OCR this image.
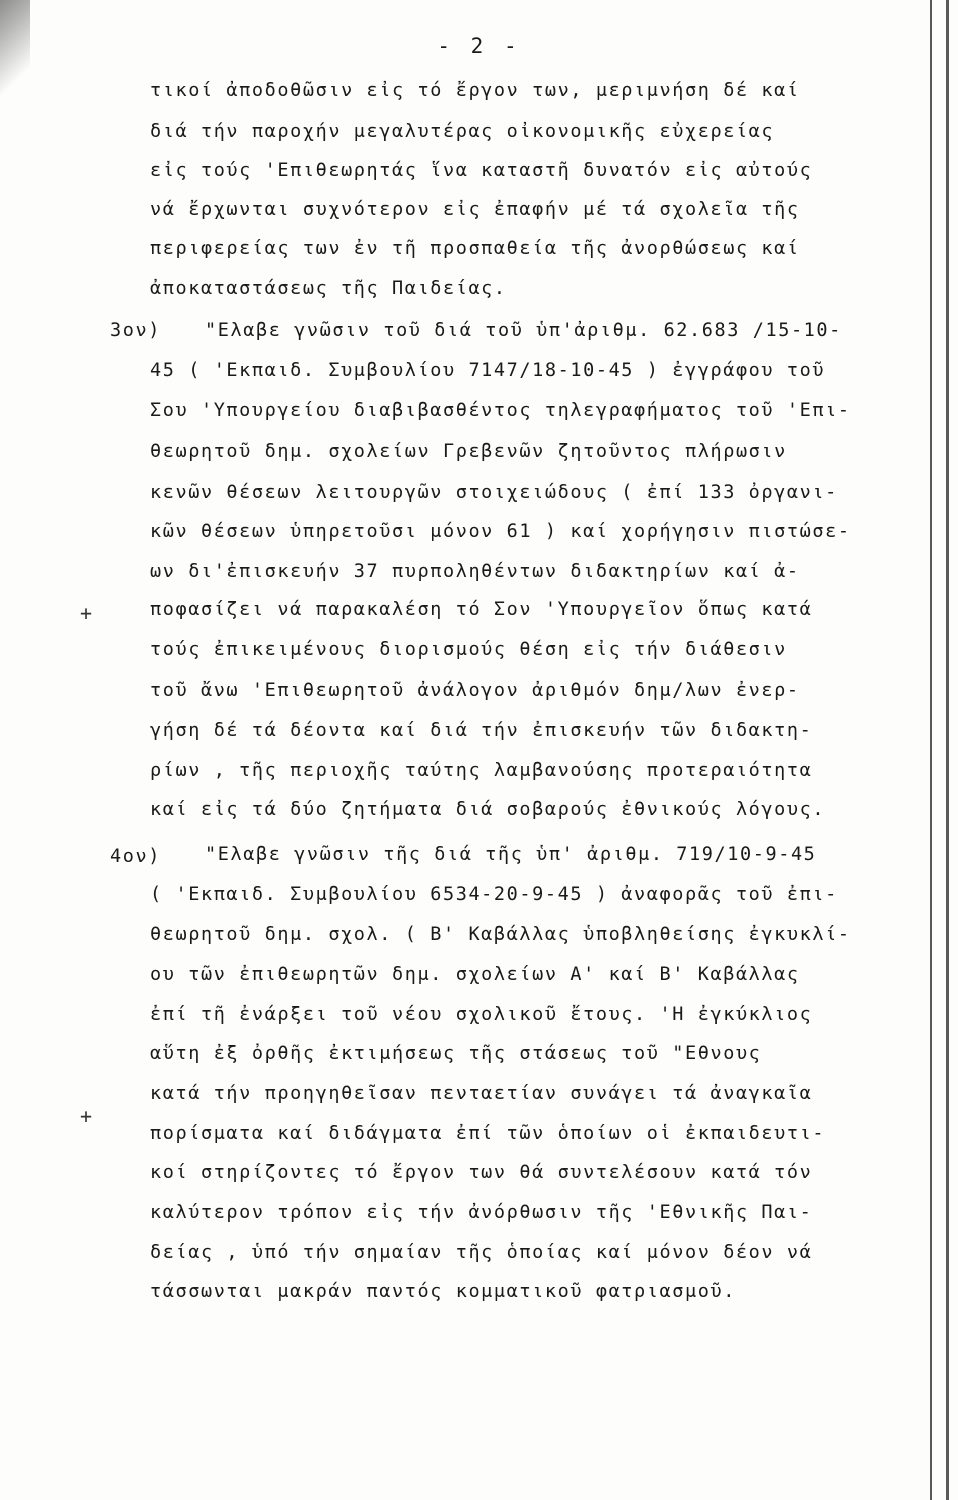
- 2 -
τικοί ἀποδοθῶσιν εἰς τό ἔργον των, μεριμνήση δέ καί
διά τήν παροχήν μεγαλυτέρας οἰκονομικῆς εὐχερείας
εἰς τούς 'Επιθεωρητάς ἵνα καταστῆ δυνατόν εἰς αὐτούς
νά ἔρχωνται συχνότερον εἰς ἐπαφήν μέ τά σχολεῖα τῆς
περιφερείας των ἐν τῆ προσπαθεία τῆς ἀνορθώσεως καί
ἀποκαταστάσεως τῆς Παιδείας.
3ον) "Ελαβε γνῶσιν τοῦ διά τοῦ ὑπ'ἀριθμ. 62.683 /15-10-
45 ( 'Εκπαιδ. Συμβουλίου 7147/18-10-45 ) ἐγγράφου τοῦ
Σου 'Υπουργείου διαβιβασθέντος τηλεγραφήματος τοῦ 'Επι-
θεωρητοῦ δημ. σχολείων Γρεβενῶν ζητοῦντος πλήρωσιν
κενῶν θέσεων λειτουργῶν στοιχειώδους ( ἐπί 133 ὀργανι-
κῶν θέσεων ὑπηρετοῦσι μόνον 61 ) καί χορήγησιν πιστώσε-
ων δι'ἐπισκευήν 37 πυρποληθέντων διδακτηρίων καί ἀ-
+	ποφασίζει νά παρακαλέση τό Σον 'Υπουργεῖον ὅπως κατά
τούς ἐπικειμένους διορισμούς θέση εἰς τήν διάθεσιν
τοῦ ἄνω 'Επιθεωρητοῦ ἀνάλογον ἀριθμόν δημ/λων ἐνερ-
γήση δέ τά δέοντα καί διά τήν ἐπισκευήν τῶν διδακτη-
ρίων , τῆς περιοχῆς ταύτης λαμβανούσης προτεραιότητα
καί εἰς τά δύο ζητήματα διά σοβαρούς ἐθνικούς λόγους.
4ον) "Ελαβε γνῶσιν τῆς διά τῆς ὑπ' ἀριθμ. 719/10-9-45
( 'Εκπαιδ. Συμβουλίου 6534-20-9-45 ) ἀναφορᾶς τοῦ ἐπι-
θεωρητοῦ δημ. σχολ. ( Β' Καβάλλας ὑποβληθείσης ἐγκυκλί-
ου τῶν ἐπιθεωρητῶν δημ. σχολείων Α' καί Β' Καβάλλας
ἐπί τῆ ἐνάρξει τοῦ νέου σχολικοῦ ἔτους. 'Η ἐγκύκλιος
αὕτη ἐξ ὀρθῆς ἐκτιμήσεως τῆς στάσεως τοῦ "Εθνους
κατά τήν προηγηθεῖσαν πενταετίαν συνάγει τά ἀναγκαῖα
+
πορίσματα καί διδάγματα ἐπί τῶν ὁποίων οἱ ἐκπαιδευτι-
κοί στηρίζοντες τό ἔργον των θά συντελέσουν κατά τόν
καλύτερον τρόπον εἰς τήν ἀνόρθωσιν τῆς 'Εθνικῆς Παι-
δείας , ὑπό τήν σημαίαν τῆς ὁποίας καί μόνον δέον νά
τάσσωνται μακράν παντός κομματικοῦ φατριασμοῦ.
